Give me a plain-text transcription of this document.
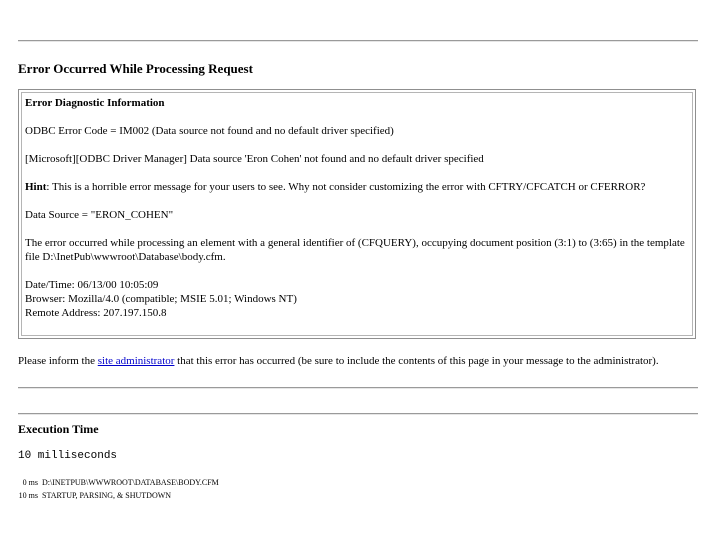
Error Occurred While Processing Request
Error Diagnostic Information
ODBC Error Code = IM002 (Data source not found and no default driver specified)
[Microsoft][ODBC Driver Manager] Data source 'Eron Cohen' not found and no default driver specified
Hint: This is a horrible error message for your users to see. Why not consider customizing the error with CFTRY/CFCATCH or CFERROR?
Data Source = "ERON_COHEN"
The error occurred while processing an element with a general identifier of (CFQUERY), occupying document position (3:1) to (3:65) in the template
file D:\InetPub\wwwroot\Database\body.cfm.
Date/Time: 06/13/00 10:05:09
Browser: Mozilla/4.0 (compatible; MSIE 5.01; Windows NT)
Remote Address: 207.197.150.8
Please inform the site administrator that this error has occurred (be sure to include the contents of this page in your message to the administrator).
Execution Time
10 milliseconds
0 ms D:\INETPUB\WWWROOT\DATABASE\BODY.CFM
10 ms STARTUP, PARSING, & SHUTDOWN
